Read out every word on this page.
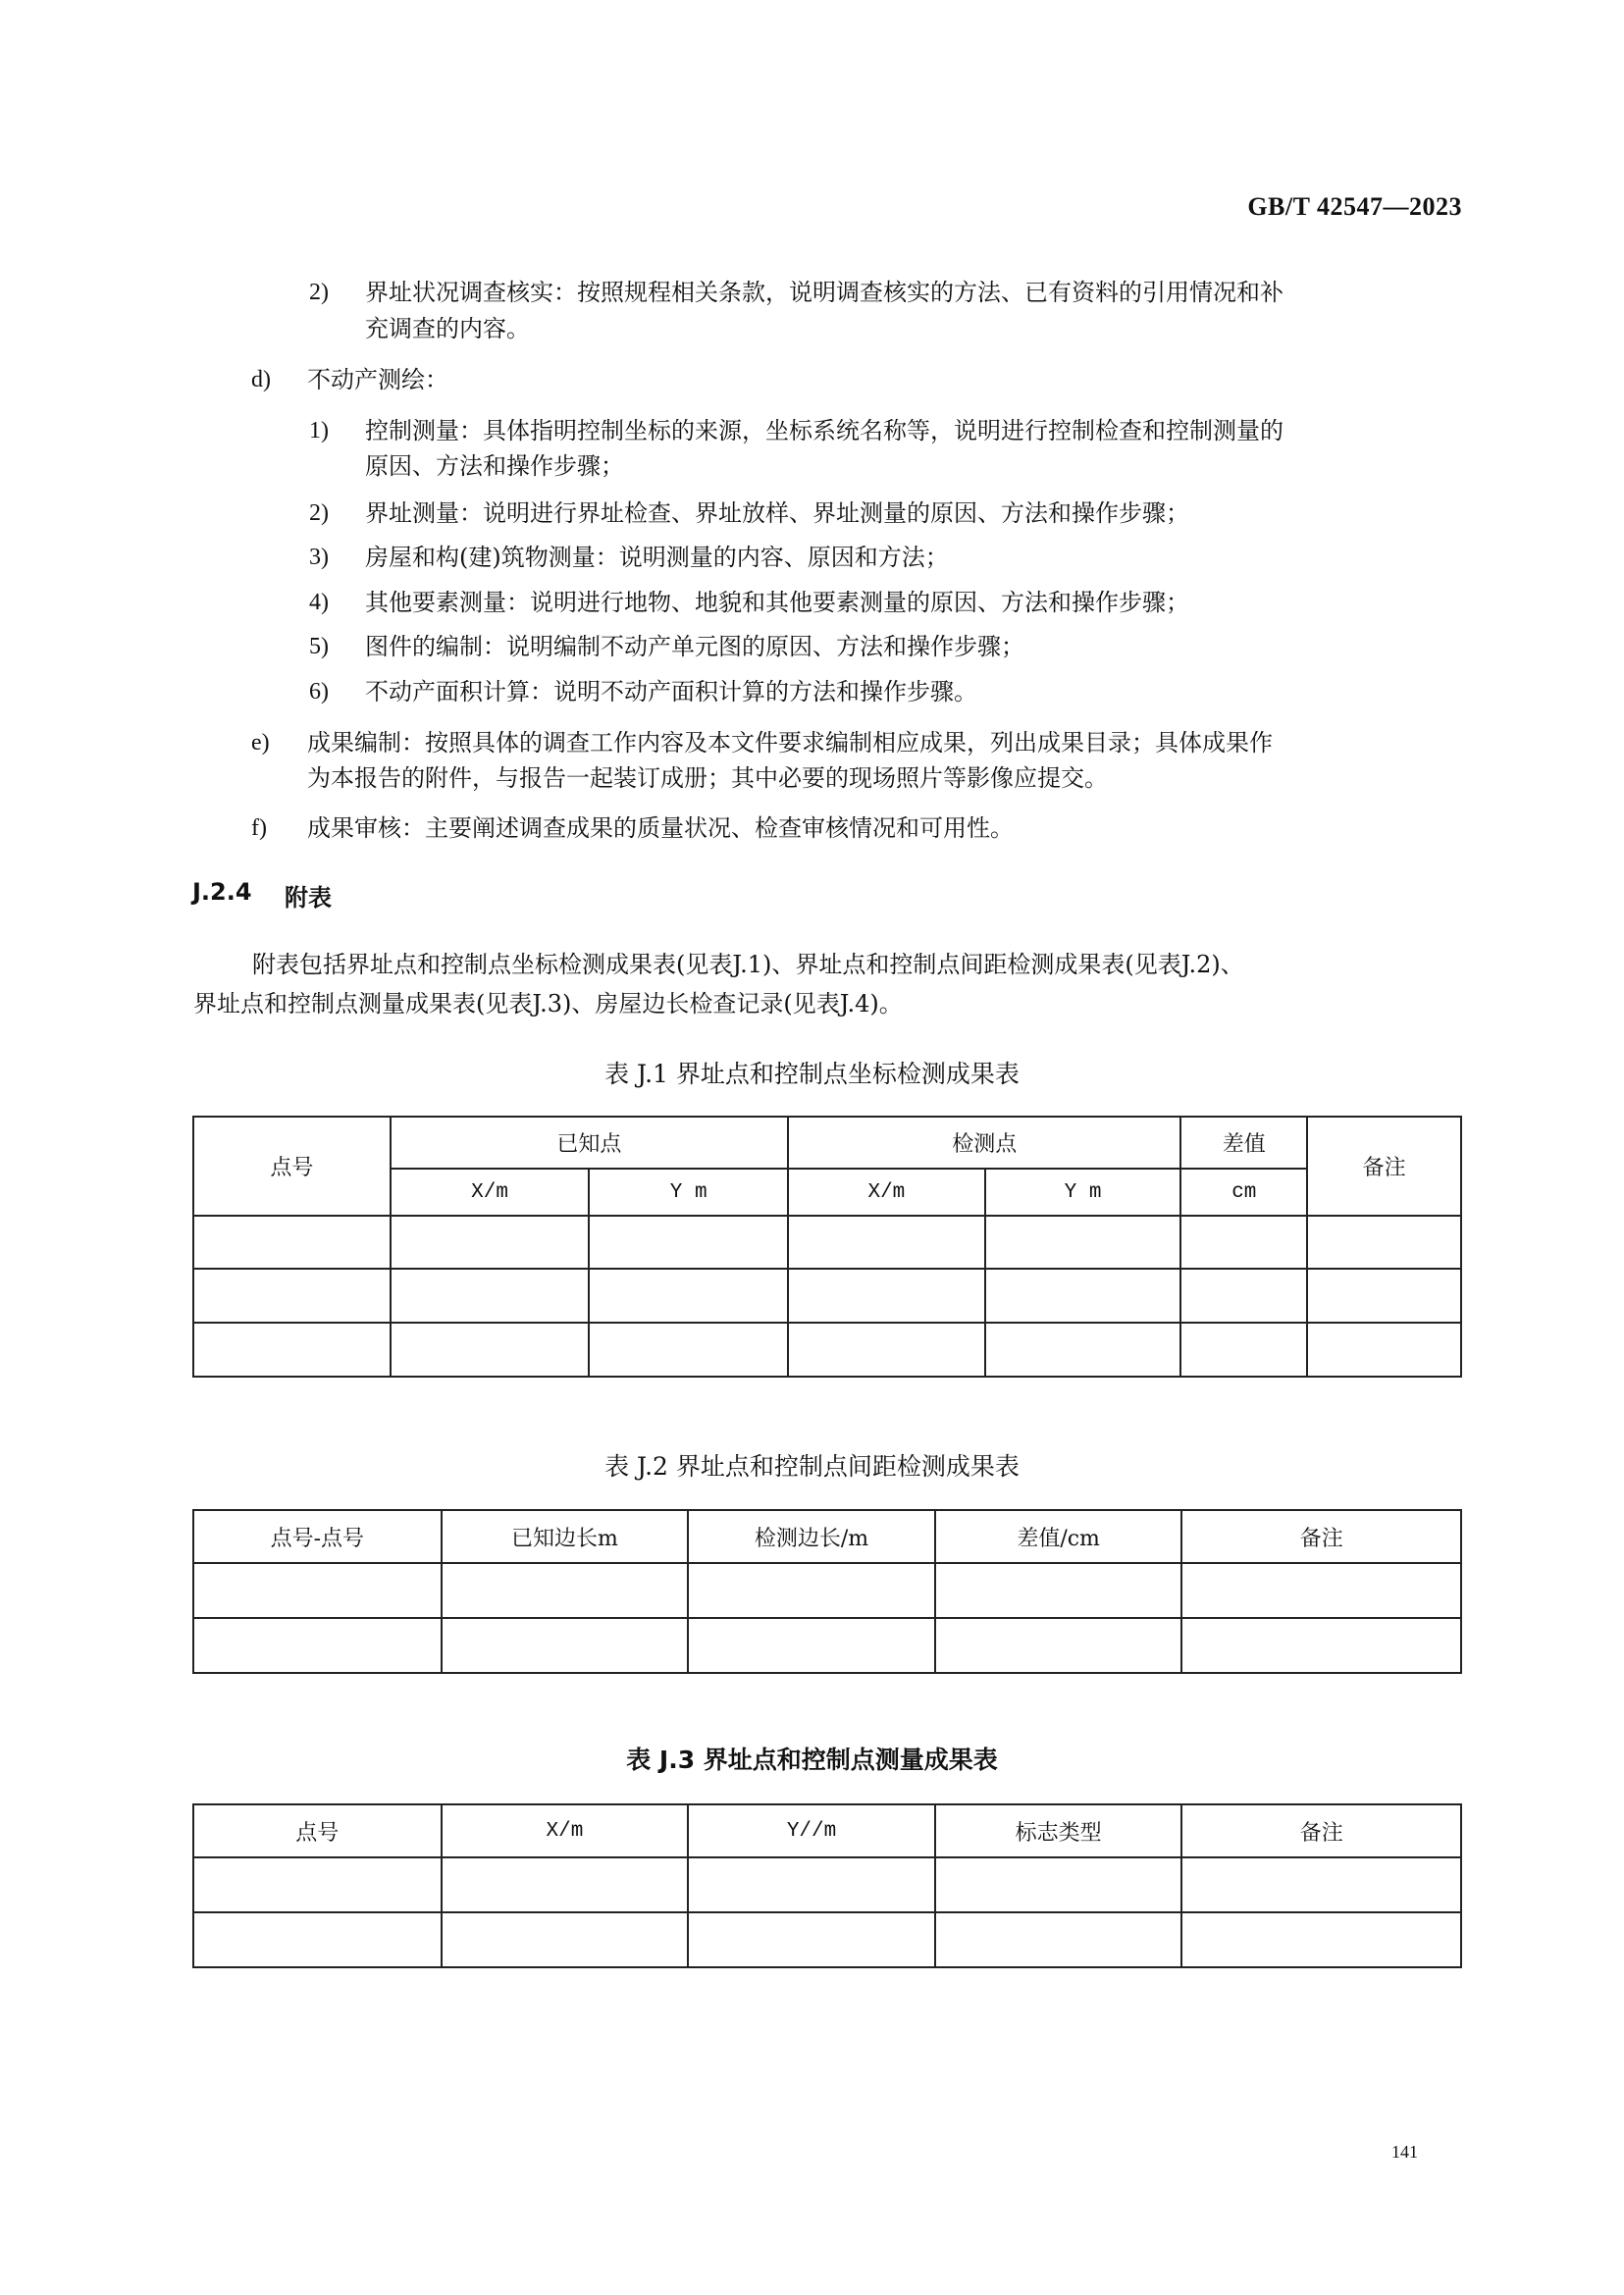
GB/T 42547—2023
2) 界址状况调查核实：按照规程相关条款，说明调查核实的方法、已有资料的引用情况和补
充调查的内容。
d) 不动产测绘：
1) 控制测量：具体指明控制坐标的来源，坐标系统名称等，说明进行控制检查和控制测量的
原因、方法和操作步骤；
2) 界址测量：说明进行界址检查、界址放样、界址测量的原因、方法和操作步骤；
3) 房屋和构(建)筑物测量：说明测量的内容、原因和方法；
4) 其他要素测量：说明进行地物、地貌和其他要素测量的原因、方法和操作步骤；
5) 图件的编制：说明编制不动产单元图的原因、方法和操作步骤；
6) 不动产面积计算：说明不动产面积计算的方法和操作步骤。
e) 成果编制：按照具体的调查工作内容及本文件要求编制相应成果，列出成果目录；具体成果作
为本报告的附件，与报告一起装订成册；其中必要的现场照片等影像应提交。
f) 成果审核：主要阐述调查成果的质量状况、检查审核情况和可用性。
J.2.4 附表
附表包括界址点和控制点坐标检测成果表(见表J.1)、界址点和控制点间距检测成果表(见表J.2)、
界址点和控制点测量成果表(见表J.3)、房屋边长检查记录(见表J.4)。
表 J.1 界址点和控制点坐标检测成果表
点号	已知点		检测点		差值	备注
	X/m	Y m	X/m	Y m	cm	

表 J.2 界址点和控制点间距检测成果表
点号-点号	已知边长m	检测边长/m	差值/cm	备注

表 J.3 界址点和控制点测量成果表
点号	X/m	Y//m	标志类型	备注

141
